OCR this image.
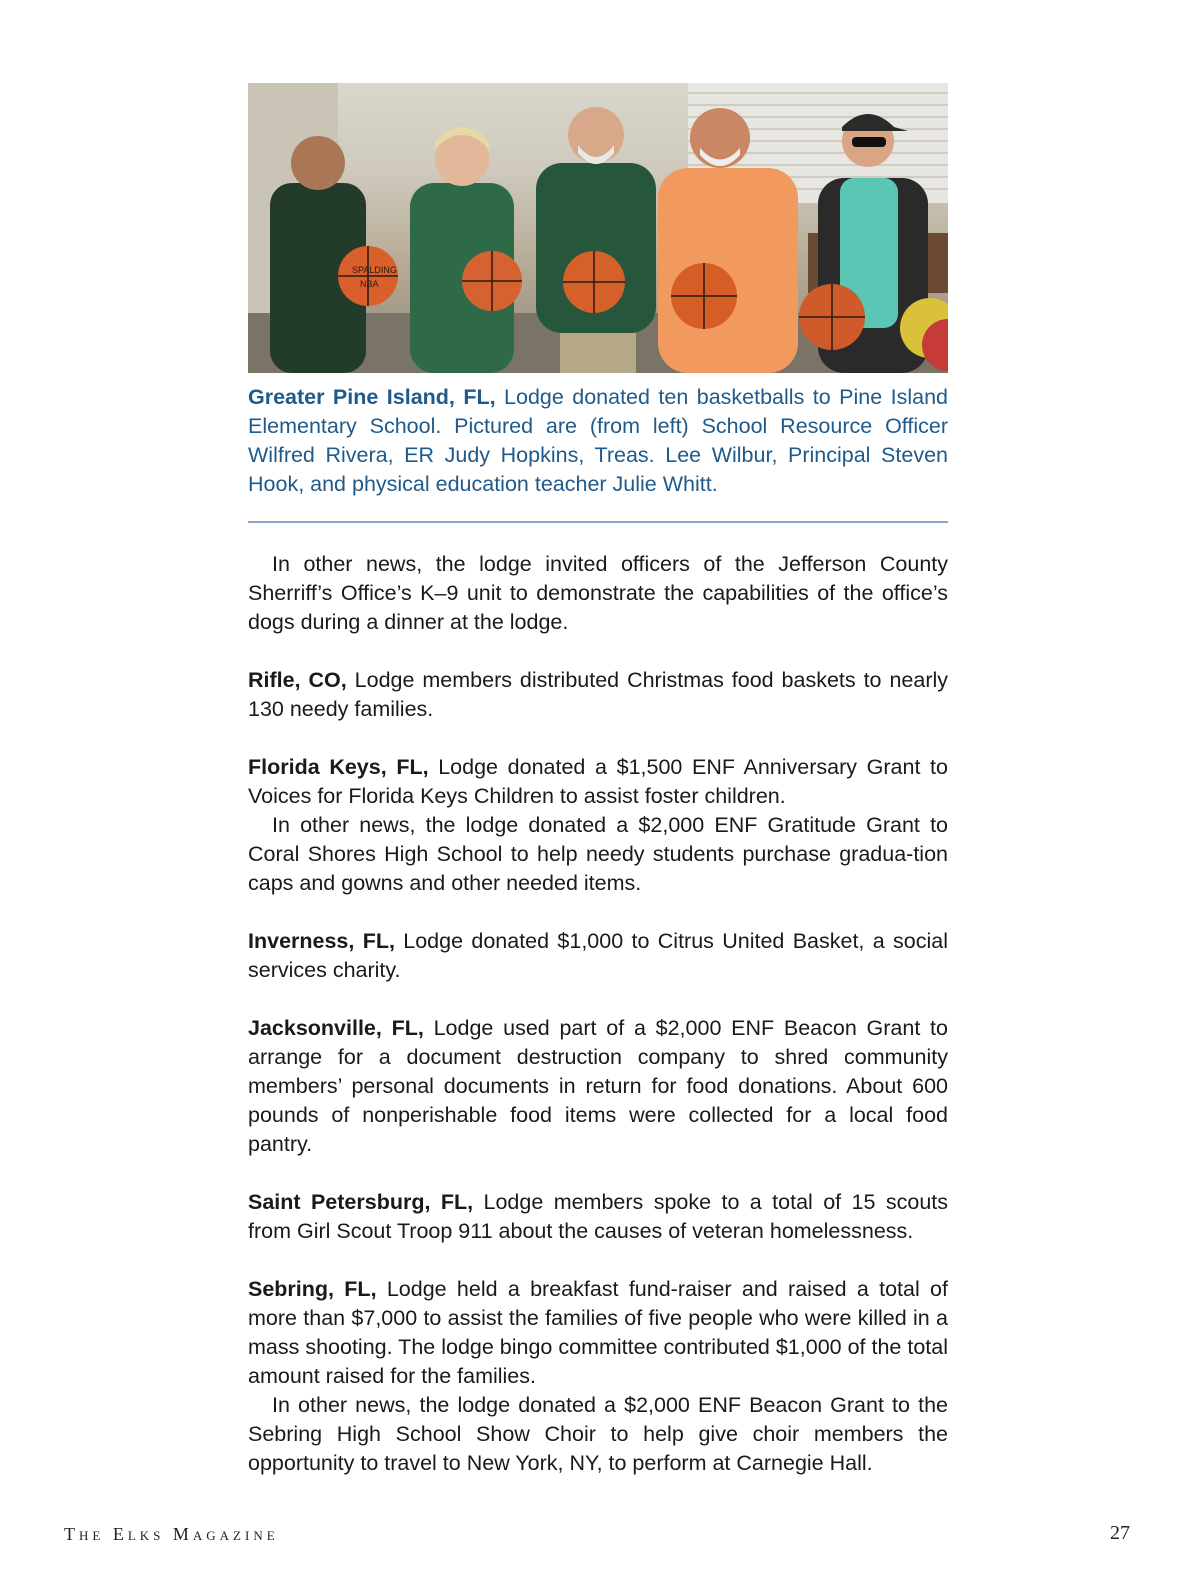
SPALDING
NBA

Greater Pine Island, FL, Lodge donated ten basketballs to Pine Island Elementary School. Pictured are (from left) School Resource Officer Wilfred Rivera, ER Judy Hopkins, Treas. Lee Wilbur, Principal Steven Hook, and physical education teacher Julie Whitt.

In other news, the lodge invited officers of the Jefferson County Sherriff’s Office’s K–9 unit to demonstrate the capabilities of the office’s dogs during a dinner at the lodge.

Rifle, CO, Lodge members distributed Christmas food baskets to nearly 130 needy families.

Florida Keys, FL, Lodge donated a $1,500 ENF Anniversary Grant to Voices for Florida Keys Children to assist foster children.

In other news, the lodge donated a $2,000 ENF Gratitude Grant to Coral Shores High School to help needy students purchase gradua-tion caps and gowns and other needed items.

Inverness, FL, Lodge donated $1,000 to Citrus United Basket, a social services charity.

Jacksonville, FL, Lodge used part of a $2,000 ENF Beacon Grant to arrange for a document destruction company to shred community members’ personal documents in return for food donations. About 600 pounds of nonperishable food items were collected for a local food pantry.

Saint Petersburg, FL, Lodge members spoke to a total of 15 scouts from Girl Scout Troop 911 about the causes of veteran homelessness.

Sebring, FL, Lodge held a breakfast fund-raiser and raised a total of more than $7,000 to assist the families of five people who were killed in a mass shooting. The lodge bingo committee contributed $1,000 of the total amount raised for the families.

In other news, the lodge donated a $2,000 ENF Beacon Grant to the Sebring High School Show Choir to help give choir members the opportunity to travel to New York, NY, to perform at Carnegie Hall.

The Elks Magazine	27
